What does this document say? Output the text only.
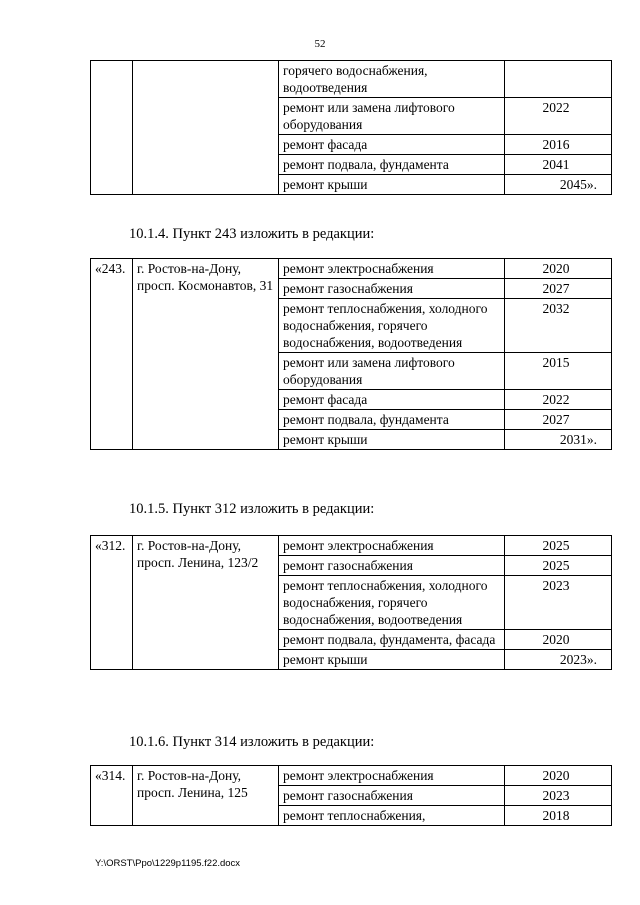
52
		горячего водоснабжения, водоотведения	
		ремонт или замена лифтового оборудования	2022
		ремонт фасада	2016
		ремонт подвала, фундамента	2041
		ремонт крыши	2045».
10.1.4. Пункт 243 изложить в редакции:
«243.	г. Ростов-на-Дону, просп. Космонавтов, 31	ремонт электроснабжения	2020
		ремонт газоснабжения	2027
		ремонт теплоснабжения, холодного водоснабжения, горячего водоснабжения, водоотведения	2032
		ремонт или замена лифтового оборудования	2015
		ремонт фасада	2022
		ремонт подвала, фундамента	2027
		ремонт крыши	2031».
10.1.5. Пункт 312 изложить в редакции:
«312.	г. Ростов-на-Дону, просп. Ленина, 123/2	ремонт электроснабжения	2025
		ремонт газоснабжения	2025
		ремонт теплоснабжения, холодного водоснабжения, горячего водоснабжения, водоотведения	2023
		ремонт подвала, фундамента, фасада	2020
		ремонт крыши	2023».
10.1.6. Пункт 314 изложить в редакции:
«314.	г. Ростов-на-Дону, просп. Ленина, 125	ремонт электроснабжения	2020
		ремонт газоснабжения	2023
		ремонт теплоснабжения,	2018
Y:\ORST\Ppo\1229p1195.f22.docx
